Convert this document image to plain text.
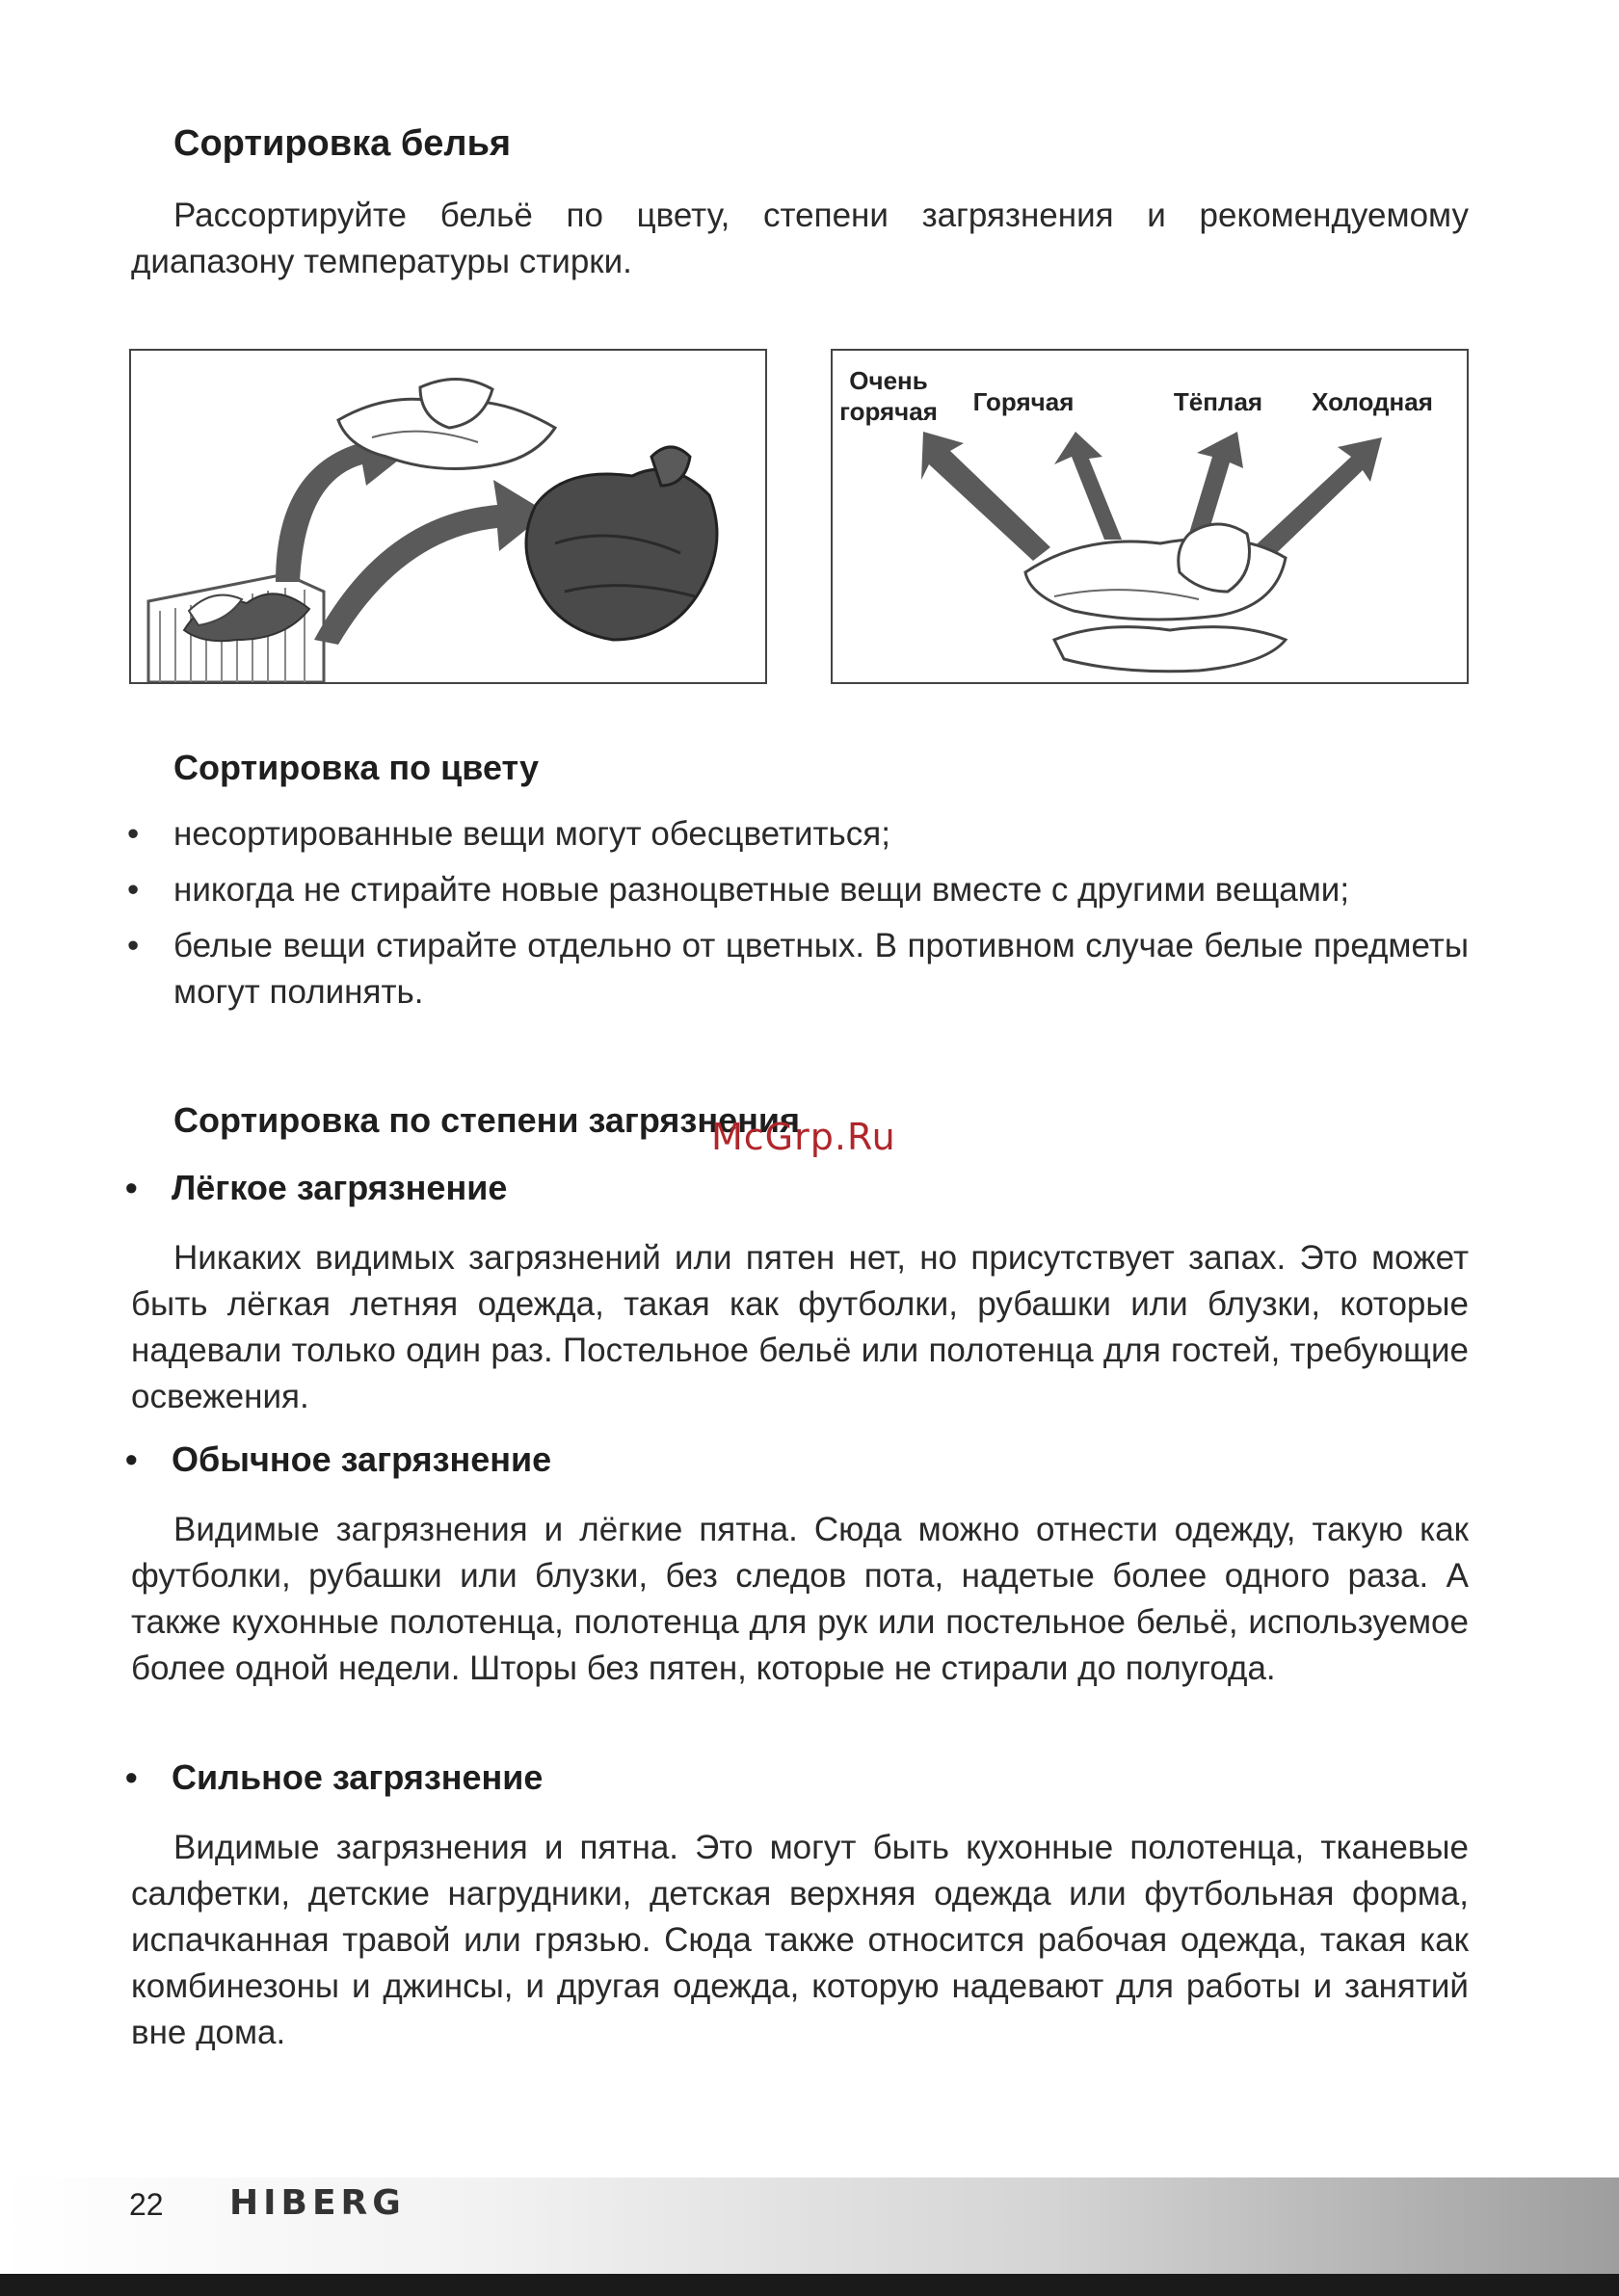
Сортировка белья

Рассортируйте бельё по цвету, степени загрязнения и рекомендуемому диапазону температуры стирки.

Очень
горячая Горячая	Тёплая Холодная
Сортировка по цвету
• несортированные вещи могут обесцветиться;
• никогда не стирайте новые разноцветные вещи вместе с другими вещами;
• белые вещи стирайте отдельно от цветных. В противном случае белые предметы могут полинять.
Сортировка по степени загрязнения
• Лёгкое загрязнение

Никаких видимых загрязнений или пятен нет, но присутствует запах. Это может быть лёгкая летняя одежда, такая как футболки, рубашки или блузки, которые надевали только один раз. Постельное бельё или полотенца для гостей, требующие освежения.

• Обычное загрязнение

Видимые загрязнения и лёгкие пятна. Сюда можно отнести одежду, такую как футболки, рубашки или блузки, без следов пота, надетые более одного раза. А также кухонные полотенца, полотенца для рук или постельное бельё, используемое более одной недели. Шторы без пятен, которые не стирали до полугода.

• Сильное загрязнение

Видимые загрязнения и пятна. Это могут быть кухонные полотенца, тканевые салфетки, детские нагрудники, детская верхняя одежда или футбольная форма, испачканная травой или грязью. Сюда также относится рабочая одежда, такая как комбинезоны и джинсы, и другая одежда, которую надевают для работы и занятий вне дома.

McGrp.Ru
22 HIBERG
